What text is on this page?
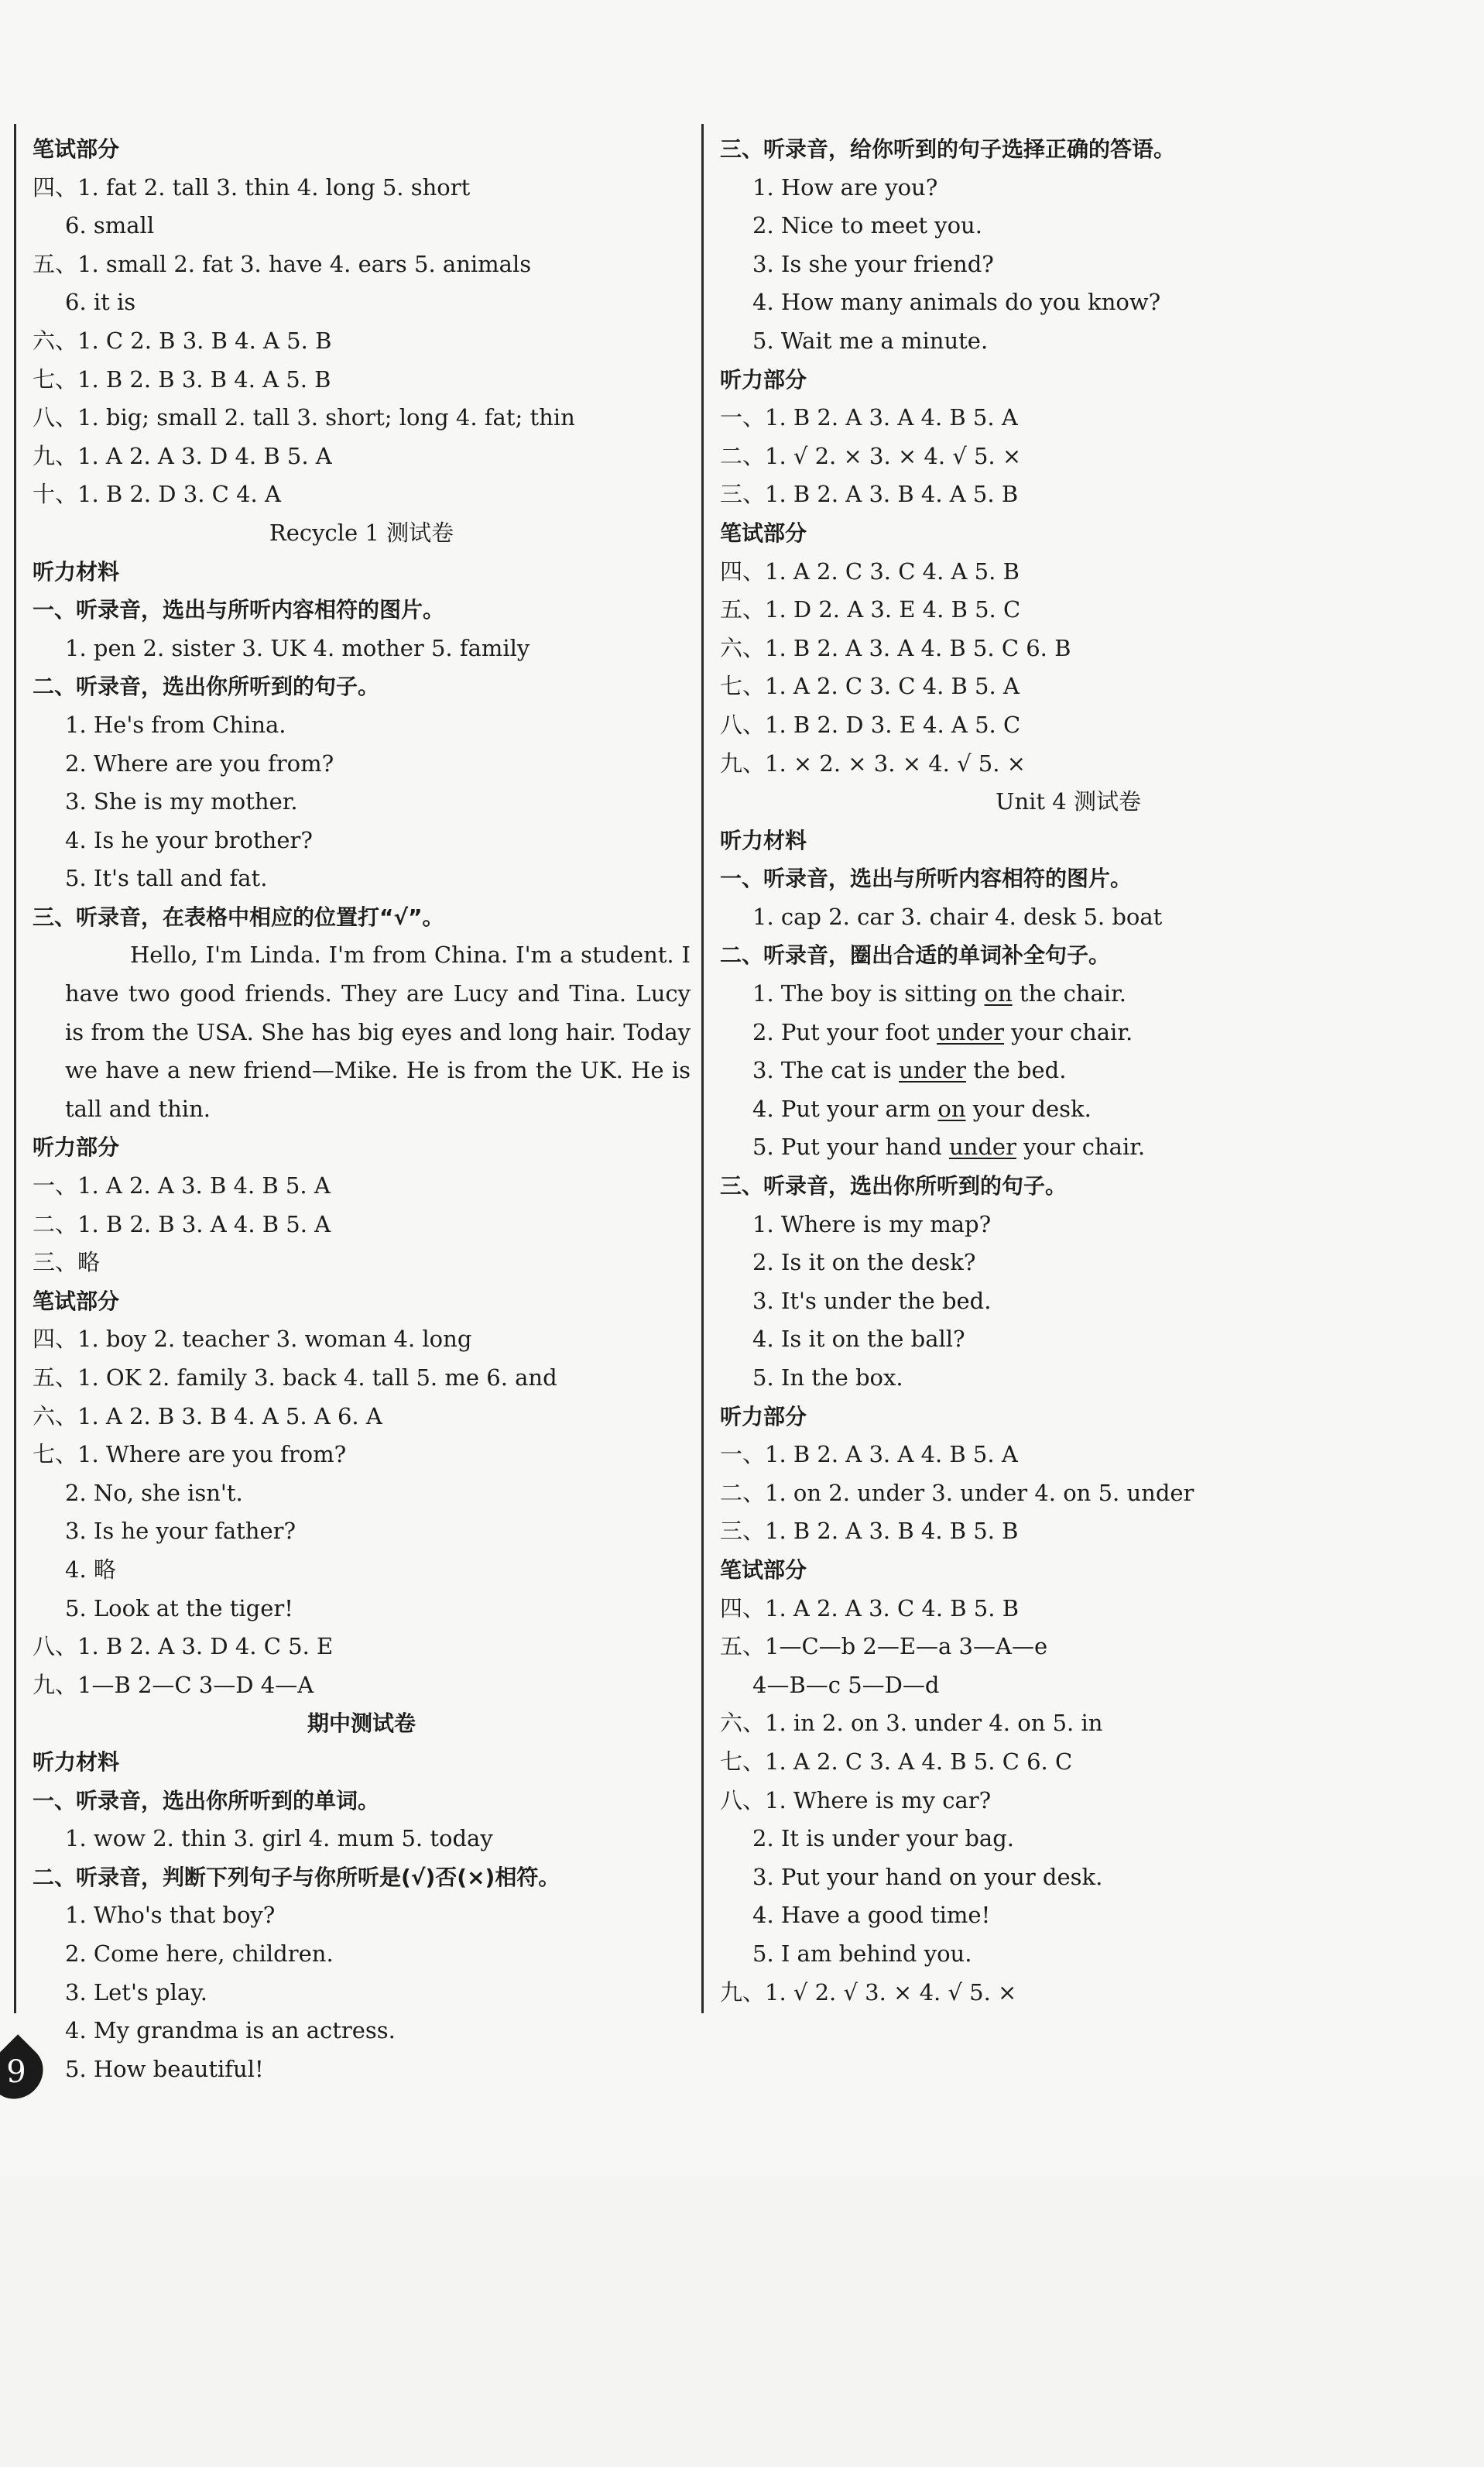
笔试部分
四、1. fat 2. tall 3. thin 4. long 5. short
6. small
五、1. small 2. fat 3. have 4. ears 5. animals
6. it is
六、1. C 2. B 3. B 4. A 5. B
七、1. B 2. B 3. B 4. A 5. B
八、1. big; small 2. tall 3. short; long 4. fat; thin
九、1. A 2. A 3. D 4. B 5. A
十、1. B 2. D 3. C 4. A
Recycle 1 测试卷
听力材料
一、听录音，选出与所听内容相符的图片。
1. pen 2. sister 3. UK 4. mother 5. family
二、听录音，选出你所听到的句子。
1. He's from China.
2. Where are you from?
3. She is my mother.
4. Is he your brother?
5. It's tall and fat.
三、听录音，在表格中相应的位置打“√”。
Hello, I'm Linda. I'm from China. I'm a student. I have two good friends. They are Lucy and Tina. Lucy is from the USA. She has big eyes and long hair. Today we have a new friend—Mike. He is from the UK. He is tall and thin.
听力部分
一、1. A 2. A 3. B 4. B 5. A
二、1. B 2. B 3. A 4. B 5. A
三、略
笔试部分
四、1. boy 2. teacher 3. woman 4. long
五、1. OK 2. family 3. back 4. tall 5. me 6. and
六、1. A 2. B 3. B 4. A 5. A 6. A
七、1. Where are you from?
2. No, she isn't.
3. Is he your father?
4. 略
5. Look at the tiger!
八、1. B 2. A 3. D 4. C 5. E
九、1—B 2—C 3—D 4—A
期中测试卷
听力材料
一、听录音，选出你所听到的单词。
1. wow 2. thin 3. girl 4. mum 5. today
二、听录音，判断下列句子与你所听是(√)否(×)相符。
1. Who's that boy?
2. Come here, children.
3. Let's play.
4. My grandma is an actress.
5. How beautiful!
三、听录音，给你听到的句子选择正确的答语。
1. How are you?
2. Nice to meet you.
3. Is she your friend?
4. How many animals do you know?
5. Wait me a minute.
听力部分
一、1. B 2. A 3. A 4. B 5. A
二、1. √ 2. × 3. × 4. √ 5. ×
三、1. B 2. A 3. B 4. A 5. B
笔试部分
四、1. A 2. C 3. C 4. A 5. B
五、1. D 2. A 3. E 4. B 5. C
六、1. B 2. A 3. A 4. B 5. C 6. B
七、1. A 2. C 3. C 4. B 5. A
八、1. B 2. D 3. E 4. A 5. C
九、1. × 2. × 3. × 4. √ 5. ×
Unit 4 测试卷
听力材料
一、听录音，选出与所听内容相符的图片。
1. cap 2. car 3. chair 4. desk 5. boat
二、听录音，圈出合适的单词补全句子。
1. The boy is sitting on the chair.
2. Put your foot under your chair.
3. The cat is under the bed.
4. Put your arm on your desk.
5. Put your hand under your chair.
三、听录音，选出你所听到的句子。
1. Where is my map?
2. Is it on the desk?
3. It's under the bed.
4. Is it on the ball?
5. In the box.
听力部分
一、1. B 2. A 3. A 4. B 5. A
二、1. on 2. under 3. under 4. on 5. under
三、1. B 2. A 3. B 4. B 5. B
笔试部分
四、1. A 2. A 3. C 4. B 5. B
五、1—C—b 2—E—a 3—A—e
4—B—c 5—D—d
六、1. in 2. on 3. under 4. on 5. in
七、1. A 2. C 3. A 4. B 5. C 6. C
八、1. Where is my car?
2. It is under your bag.
3. Put your hand on your desk.
4. Have a good time!
5. I am behind you.
九、1. √ 2. √ 3. × 4. √ 5. ×
9
